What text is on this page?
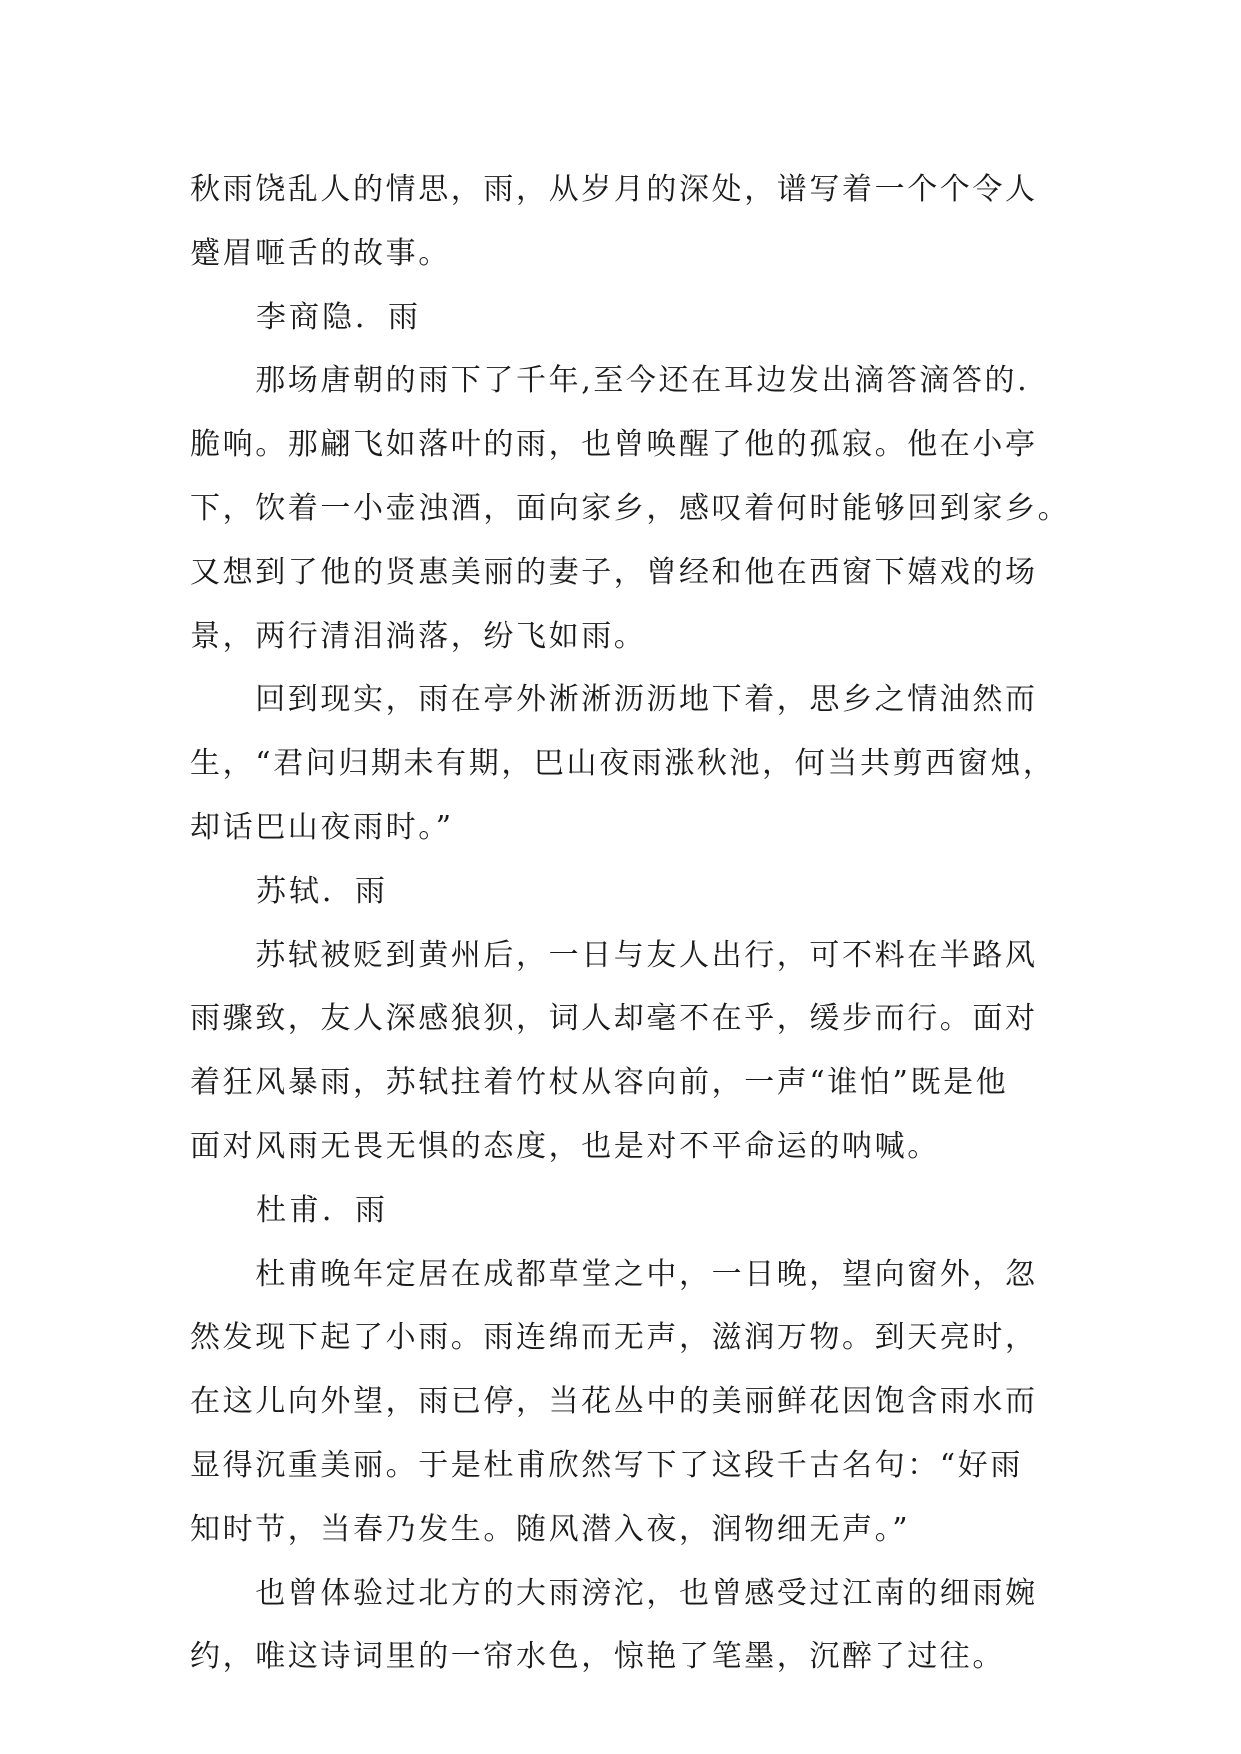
秋雨饶乱人的情思，雨，从岁月的深处，谱写着一个个令人
蹙眉咂舌的故事。
　　李商隐．雨
　　那场唐朝的雨下了千年,至今还在耳边发出滴答滴答的.
脆响。那翩飞如落叶的雨，也曾唤醒了他的孤寂。他在小亭
下，饮着一小壶浊酒，面向家乡，感叹着何时能够回到家乡。
又想到了他的贤惠美丽的妻子，曾经和他在西窗下嬉戏的场
景，两行清泪淌落，纷飞如雨。
　　回到现实，雨在亭外淅淅沥沥地下着，思乡之情油然而
生，“君问归期未有期，巴山夜雨涨秋池，何当共剪西窗烛，
却话巴山夜雨时。”
　　苏轼．雨
　　苏轼被贬到黄州后，一日与友人出行，可不料在半路风
雨骤致，友人深感狼狈，词人却毫不在乎，缓步而行。面对
着狂风暴雨，苏轼拄着竹杖从容向前，一声“谁怕”既是他
面对风雨无畏无惧的态度，也是对不平命运的呐喊。
　　杜甫．雨
　　杜甫晚年定居在成都草堂之中，一日晚，望向窗外，忽
然发现下起了小雨。雨连绵而无声，滋润万物。到天亮时，
在这儿向外望，雨已停，当花丛中的美丽鲜花因饱含雨水而
显得沉重美丽。于是杜甫欣然写下了这段千古名句：“好雨
知时节，当春乃发生。随风潜入夜，润物细无声。”
　　也曾体验过北方的大雨滂沱，也曾感受过江南的细雨婉
约，唯这诗词里的一帘水色，惊艳了笔墨，沉醉了过往。
